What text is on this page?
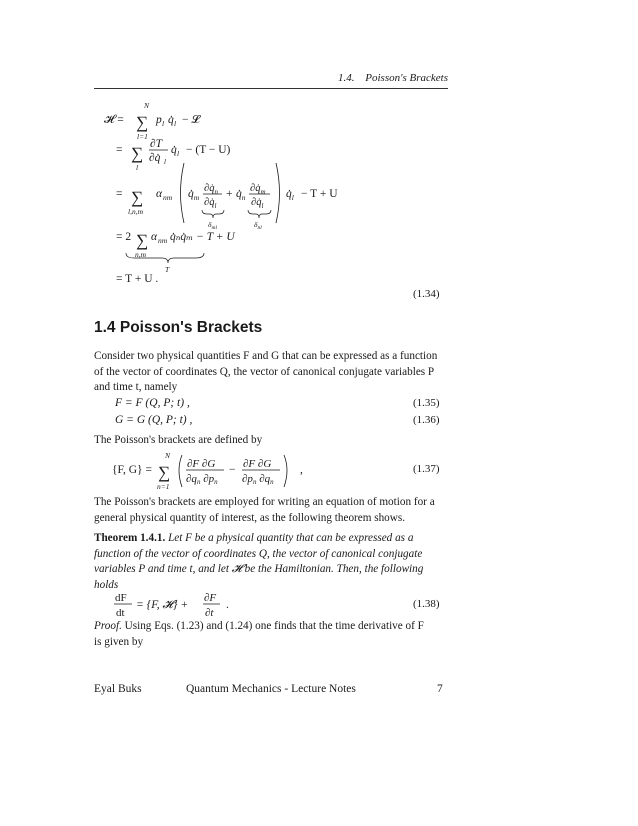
1.4. Poisson's Brackets
𝓗 =
N
∑
l=1
p l q̇ l − 𝓛
= ∑
l
∂T
∂q̇ l
q̇ l − (T − U)
= ∑
l,n,m
α nm $q̇_m$
$\partial q̇_n$
$\partial q̇_l$
$\delta_{ml}$
+ $q̇_n$
$\partial q̇_m$
$\partial q̇_l$
$\delta_{nl}$
$q̇_l - T + U$
= 2 ∑
n,m
α nm q̇ₙq̇ₘ − T + U
T
= T + U .
(1.34)
1.4 Poisson's Brackets
Consider two physical quantities F and G that can be expressed as a function
of the vector of coordinates Q, the vector of canonical conjugate variables P
and time t, namely
F = F (Q, P; t) ,	(1.35)
G = G (Q, P; t) ,	(1.36)
The Poisson's brackets are defined by
{F, G} =
N
∑
n=1
∂F ∂G
∂qn ∂pn
− ∂F ∂G
∂pn ∂qn
,	(1.37)
The Poisson's brackets are employed for writing an equation of motion for a
general physical quantity of interest, as the following theorem shows.
Theorem 1.4.1. Let F be a physical quantity that can be expressed as a
function of the vector of coordinates Q, the vector of canonical conjugate
variables P and time t, and let 𝓗 be the Hamiltonian. Then, the following
holds
dF
dt
= {F, 𝓗} +
∂F
∂t
.	(1.38)
Proof. Using Eqs. (1.23) and (1.24) one finds that the time derivative of F
is given by
Eyal Buks	Quantum Mechanics - Lecture Notes	7
